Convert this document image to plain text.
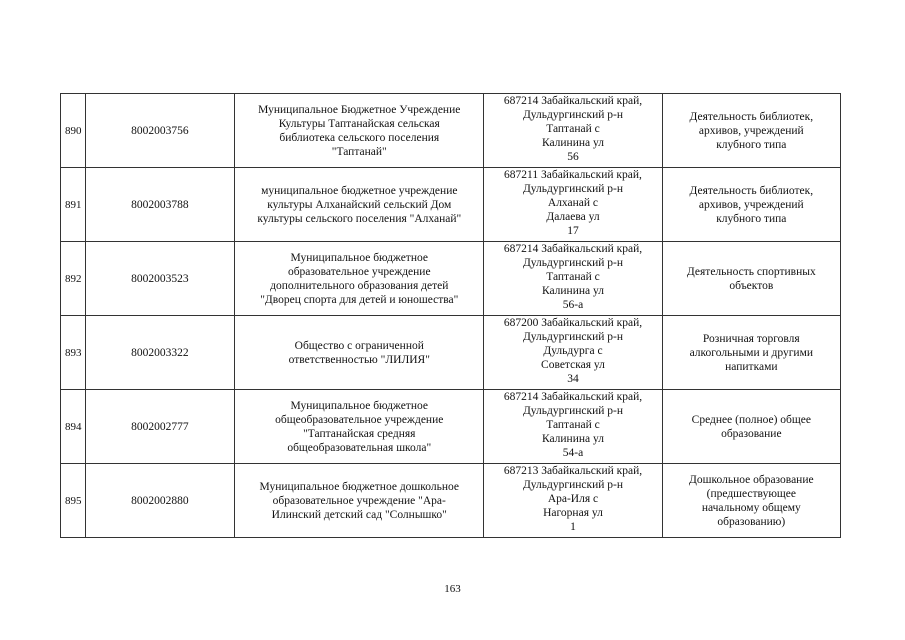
890	8002003756	Муниципальное Бюджетное Учреждение
Культуры Таптанайская сельская
библиотека сельского поселения
"Таптанай"	687214 Забайкальский край,
Дульдургинский р-н
Таптанай с
Калинина ул
56	Деятельность библиотек,
архивов, учреждений
клубного типа

891	8002003788	муниципальное бюджетное учреждение
культуры Алханайский сельский Дом
культуры сельского поселения "Алханай"	687211 Забайкальский край,
Дульдургинский р-н
Алханай с
Далаева ул
17	Деятельность библиотек,
архивов, учреждений
клубного типа

892	8002003523	Муниципальное бюджетное
образовательное учреждение
дополнительного образования детей
"Дворец спорта для детей и юношества"	687214 Забайкальский край,
Дульдургинский р-н
Таптанай с
Калинина ул
56-а	Деятельность спортивных
объектов

893	8002003322	Общество с ограниченной
ответственностью "ЛИЛИЯ"	687200 Забайкальский край,
Дульдургинский р-н
Дульдурга с
Советская ул
34	Розничная торговля
алкогольными и другими
напитками

894	8002002777	Муниципальное бюджетное
общеобразовательное учреждение
"Таптанайская средняя
общеобразовательная школа"	687214 Забайкальский край,
Дульдургинский р-н
Таптанай с
Калинина ул
54-а	Среднее (полное) общее
образование

895	8002002880	Муниципальное бюджетное дошкольное
образовательное учреждение "Ара-
Илинский детский сад "Солнышко"	687213 Забайкальский край,
Дульдургинский р-н
Ара-Иля с
Нагорная ул
1	Дошкольное образование
(предшествующее
начальному общему
образованию)
163
